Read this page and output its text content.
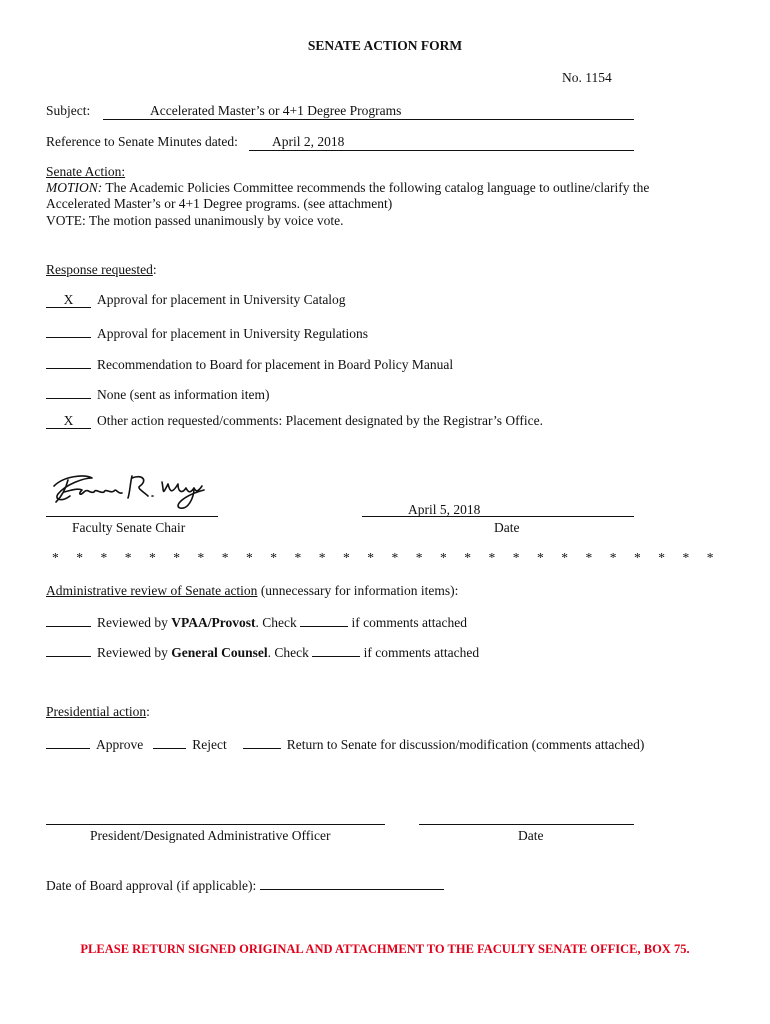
SENATE ACTION FORM
No. 1154
Subject:	Accelerated Master’s or 4+1 Degree Programs
Reference to Senate Minutes dated:	April 2, 2018
Senate Action:
MOTION: The Academic Policies Committee recommends the following catalog language to outline/clarify the
Accelerated Master’s or 4+1 Degree programs. (see attachment)
VOTE: The motion passed unanimously by voice vote.
Response requested:
X Approval for placement in University Catalog
Approval for placement in University Regulations
Recommendation to Board for placement in Board Policy Manual
None (sent as information item)
X Other action requested/comments: Placement designated by the Registrar’s Office.
Faculty Senate Chair
April 5, 2018
Date
* * * * * * * * * * * * * * * * * * * * * * * * * * * *
Administrative review of Senate action (unnecessary for information items):
Reviewed by VPAA/Provost. Check	if comments attached
Reviewed by General Counsel. Check	if comments attached
Presidential action:
Approve	Reject	Return to Senate for discussion/modification (comments attached)
President/Designated Administrative Officer	Date
Date of Board approval (if applicable):
PLEASE RETURN SIGNED ORIGINAL AND ATTACHMENT TO THE FACULTY SENATE OFFICE, BOX 75.
